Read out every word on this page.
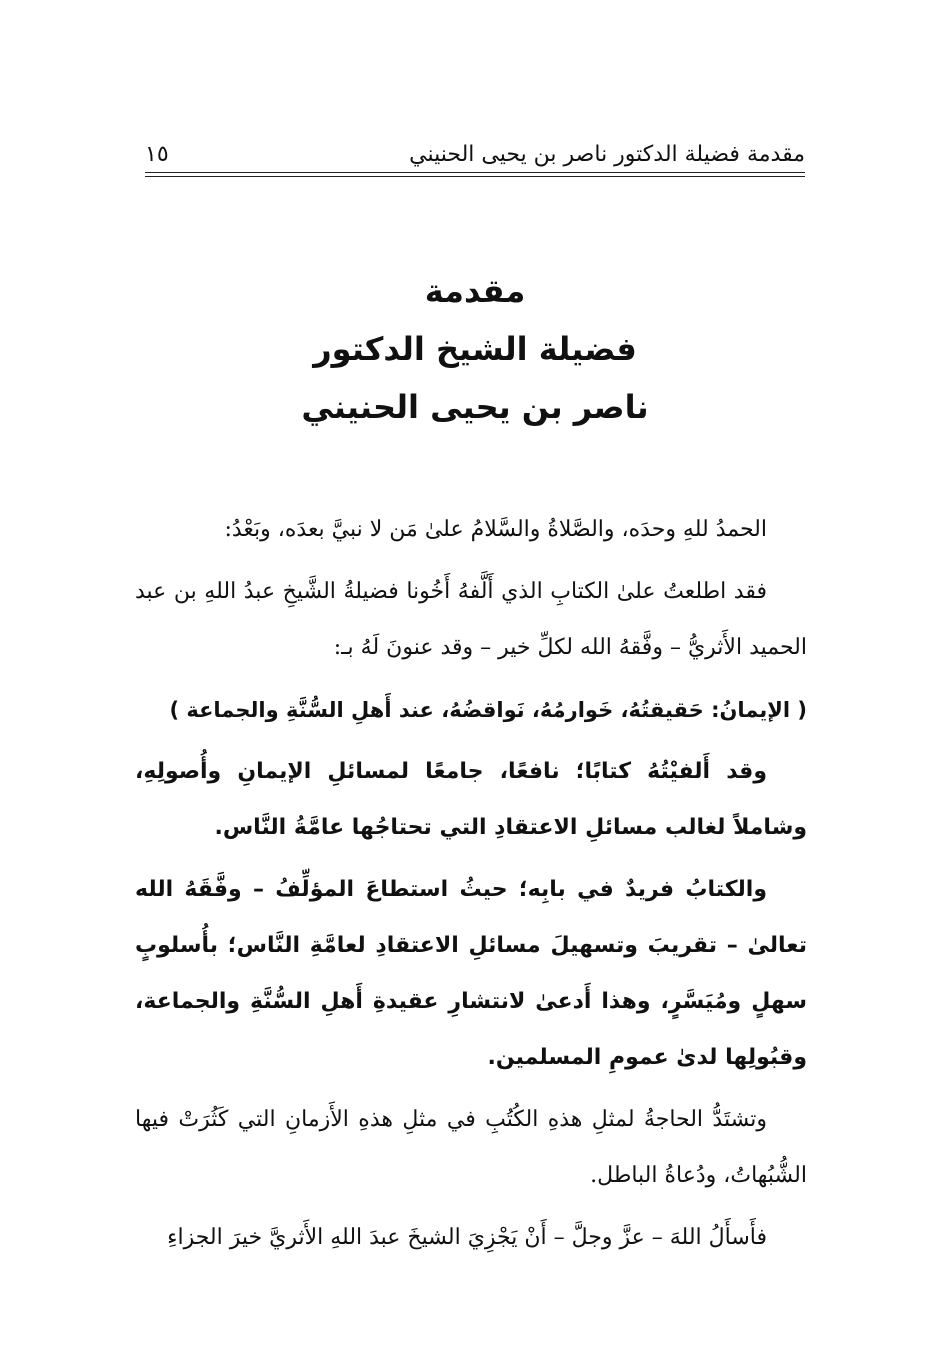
مقدمة فضيلة الدكتور ناصر بن يحيى الحنيني
١٥
مقدمة
فضيلة الشيخ الدكتور
ناصر بن يحيى الحنيني

الحمدُ للهِ وحدَه، والصَّلاةُ والسَّلامُ علىٰ مَن لا نبيَّ بعدَه، وبَعْدُ:

فقد اطلعتُ علىٰ الكتابِ الذي أَلَّفهُ أَخُونا فضيلةُ الشَّيخِ عبدُ اللهِ بن عبد الحميد الأَثريُّ – وفَّقهُ الله لكلِّ خير – وقد عنونَ لَهُ بـ:

( الإيمانُ: حَقيقتُهُ، خَوارمُهُ، نَواقضُهُ، عند أَهلِ السُّنَّةِ والجماعة )

وقد أَلفيْتُهُ كتابًا؛ نافعًا، جامعًا لمسائلِ الإيمانِ وأُصولِهِ، وشاملاً لغالب مسائلِ الاعتقادِ التي تحتاجُها عامَّةُ النَّاس.

والكتابُ فريدٌ في بابِه؛ حيثُ استطاعَ المؤلِّفُ – وفَّقَهُ الله تعالىٰ – تقريبَ وتسهيلَ مسائلِ الاعتقادِ لعامَّةِ النَّاس؛ بأُسلوبٍ سهلٍ ومُيَسَّرٍ، وهذا أَدعىٰ لانتشارِ عقيدةِ أَهلِ السُّنَّةِ والجماعة، وقبُولِها لدىٰ عمومِ المسلمين.

وتشتَدُّ الحاجةُ لمثلِ هذهِ الكُتُبِ في مثلِ هذهِ الأَزمانِ التي كَثُرَتْ فيها الشُّبُهاتُ، ودُعاةُ الباطل.

فأَسأَلُ اللهَ – عزَّ وجلَّ – أَنْ يَجْزِيَ الشيخَ عبدَ اللهِ الأَثريَّ خيرَ الجزاءِ
